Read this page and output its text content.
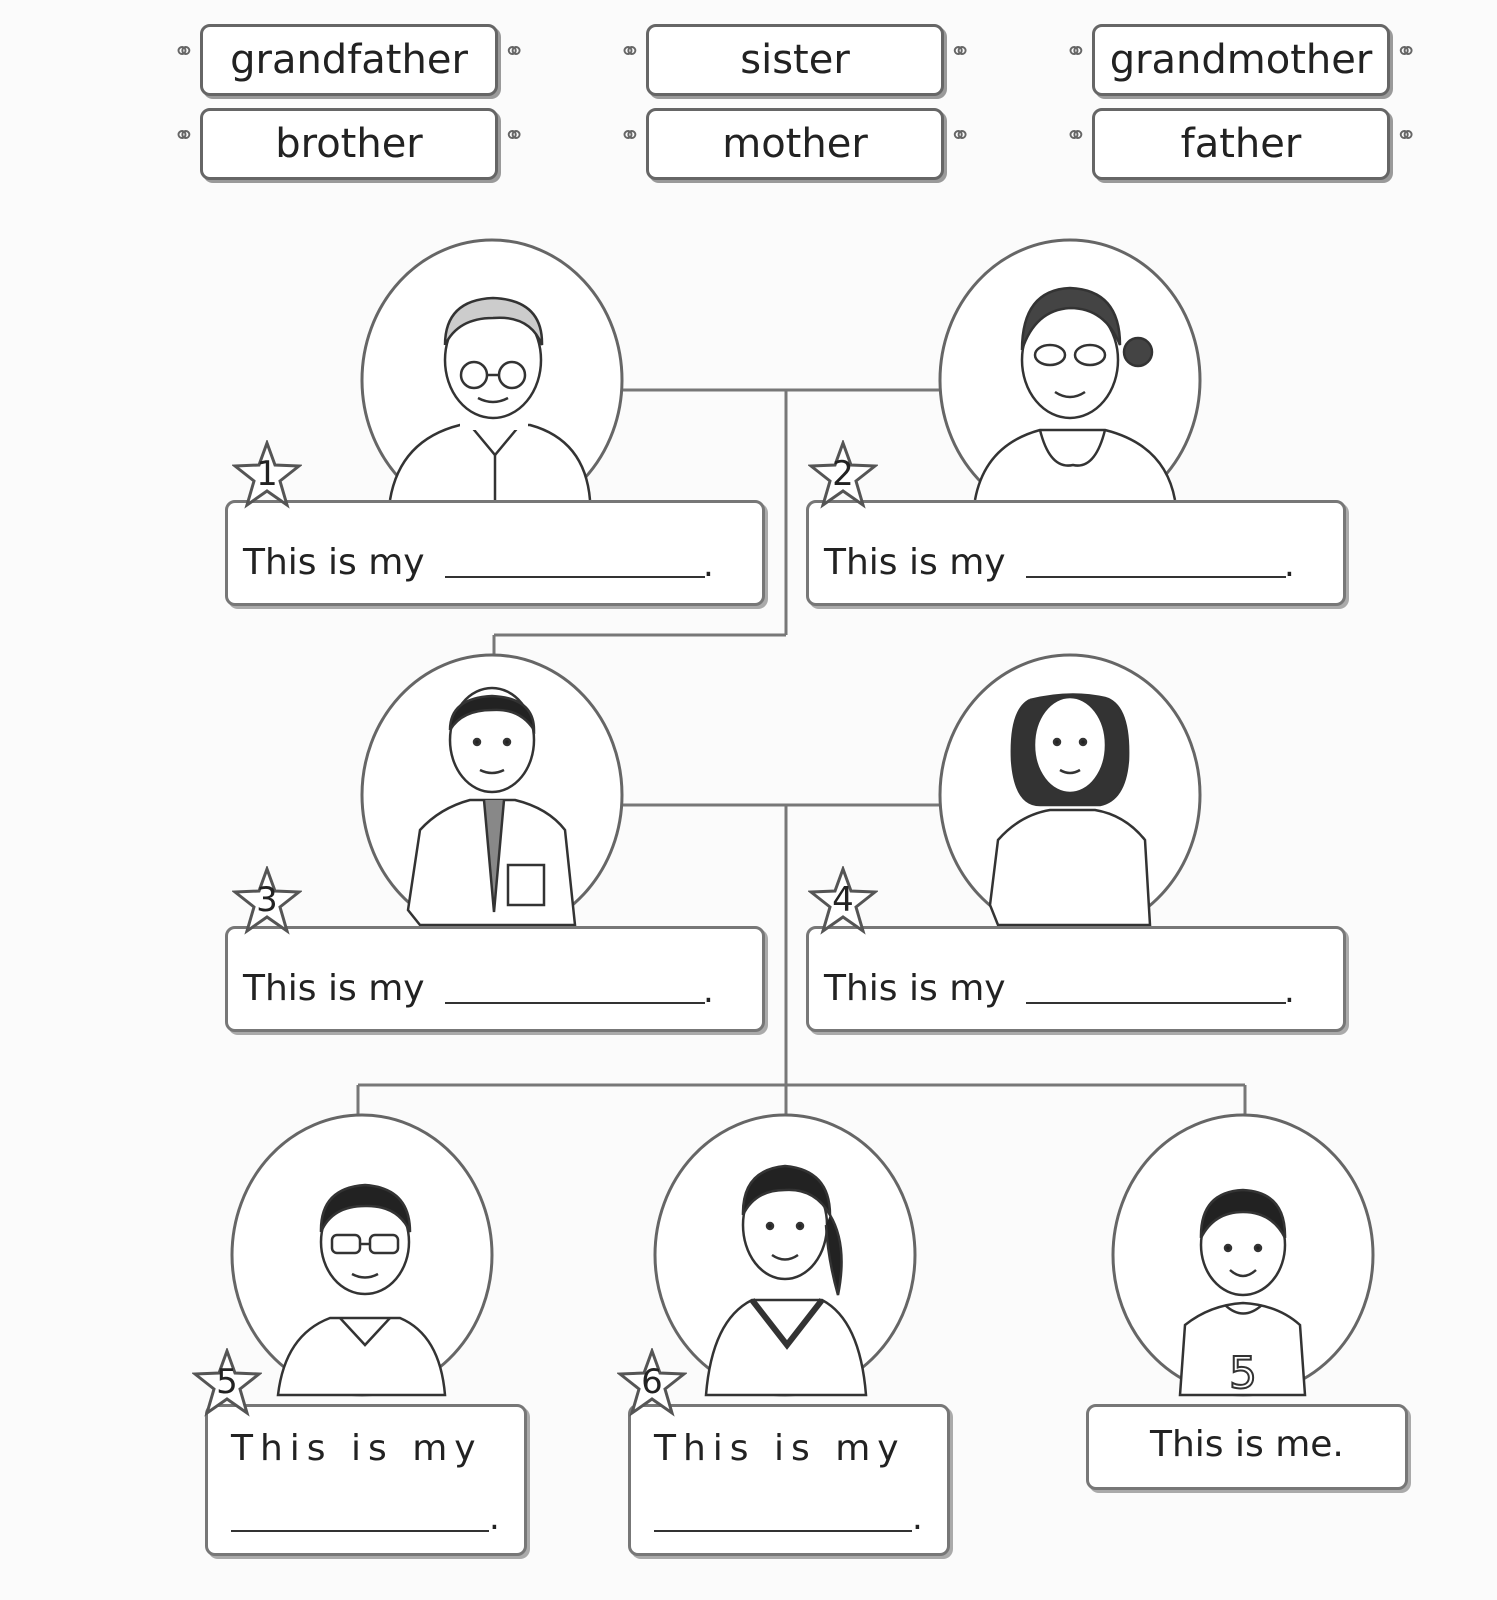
⚭ grandfather ⚭	⚭ sister	⚭	⚭ grandmother ⚭
⚭ brother	⚭	⚭ mother	⚭	⚭ father	⚭
5
This is my	.	This is my	.
This is my	.	This is my	.
This is my
.
This is my
.
This is me.
1	2
3	4
5	6
